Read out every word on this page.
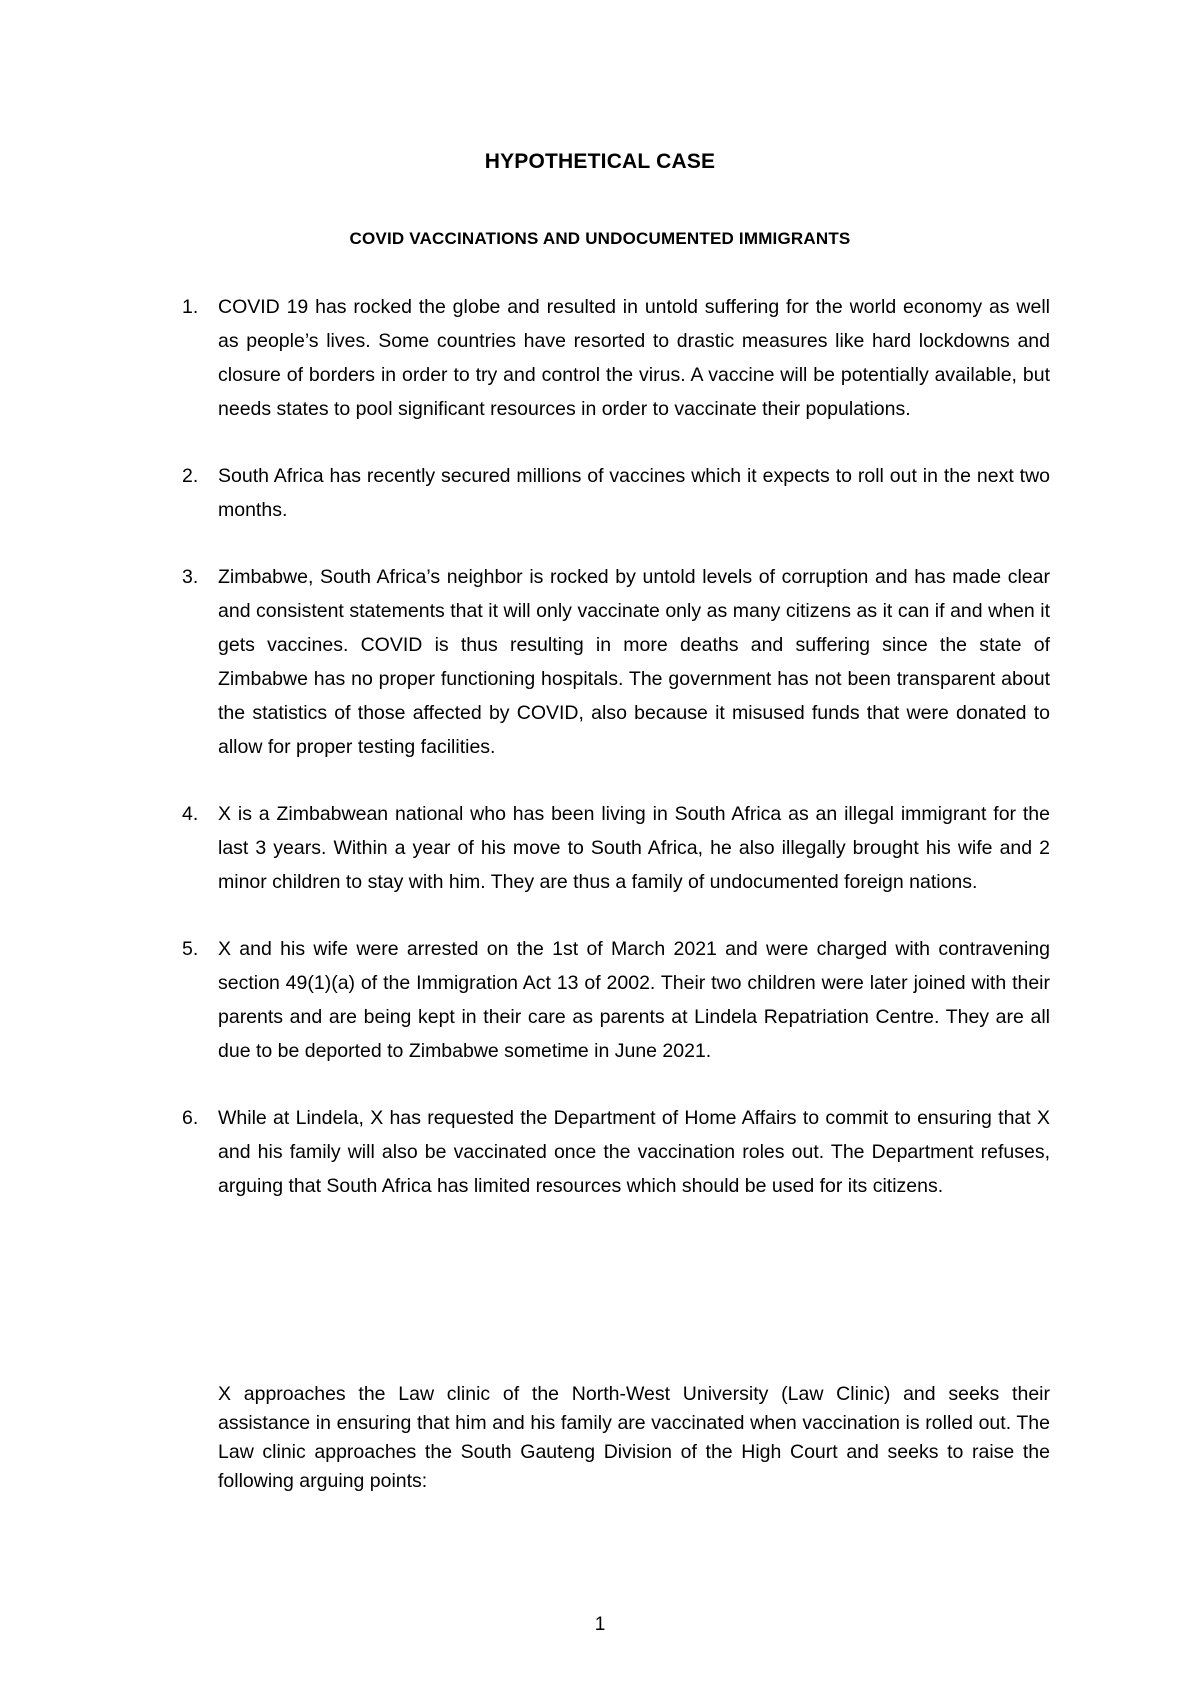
HYPOTHETICAL CASE
COVID VACCINATIONS AND UNDOCUMENTED IMMIGRANTS
1. COVID 19 has rocked the globe and resulted in untold suffering for the world economy as well as people’s lives. Some countries have resorted to drastic measures like hard lockdowns and closure of borders in order to try and control the virus. A vaccine will be potentially available, but needs states to pool significant resources in order to vaccinate their populations.
2. South Africa has recently secured millions of vaccines which it expects to roll out in the next two months.
3. Zimbabwe, South Africa’s neighbor is rocked by untold levels of corruption and has made clear and consistent statements that it will only vaccinate only as many citizens as it can if and when it gets vaccines. COVID is thus resulting in more deaths and suffering since the state of Zimbabwe has no proper functioning hospitals. The government has not been transparent about the statistics of those affected by COVID, also because it misused funds that were donated to allow for proper testing facilities.
4. X is a Zimbabwean national who has been living in South Africa as an illegal immigrant for the last 3 years. Within a year of his move to South Africa, he also illegally brought his wife and 2 minor children to stay with him. They are thus a family of undocumented foreign nations.
5. X and his wife were arrested on the 1st of March 2021 and were charged with contravening section 49(1)(a) of the Immigration Act 13 of 2002. Their two children were later joined with their parents and are being kept in their care as parents at Lindela Repatriation Centre. They are all due to be deported to Zimbabwe sometime in June 2021.
6. While at Lindela, X has requested the Department of Home Affairs to commit to ensuring that X and his family will also be vaccinated once the vaccination roles out. The Department refuses, arguing that South Africa has limited resources which should be used for its citizens.

X approaches the Law clinic of the North-West University (Law Clinic) and seeks their assistance in ensuring that him and his family are vaccinated when vaccination is rolled out. The Law clinic approaches the South Gauteng Division of the High Court and seeks to raise the following arguing points:

1
